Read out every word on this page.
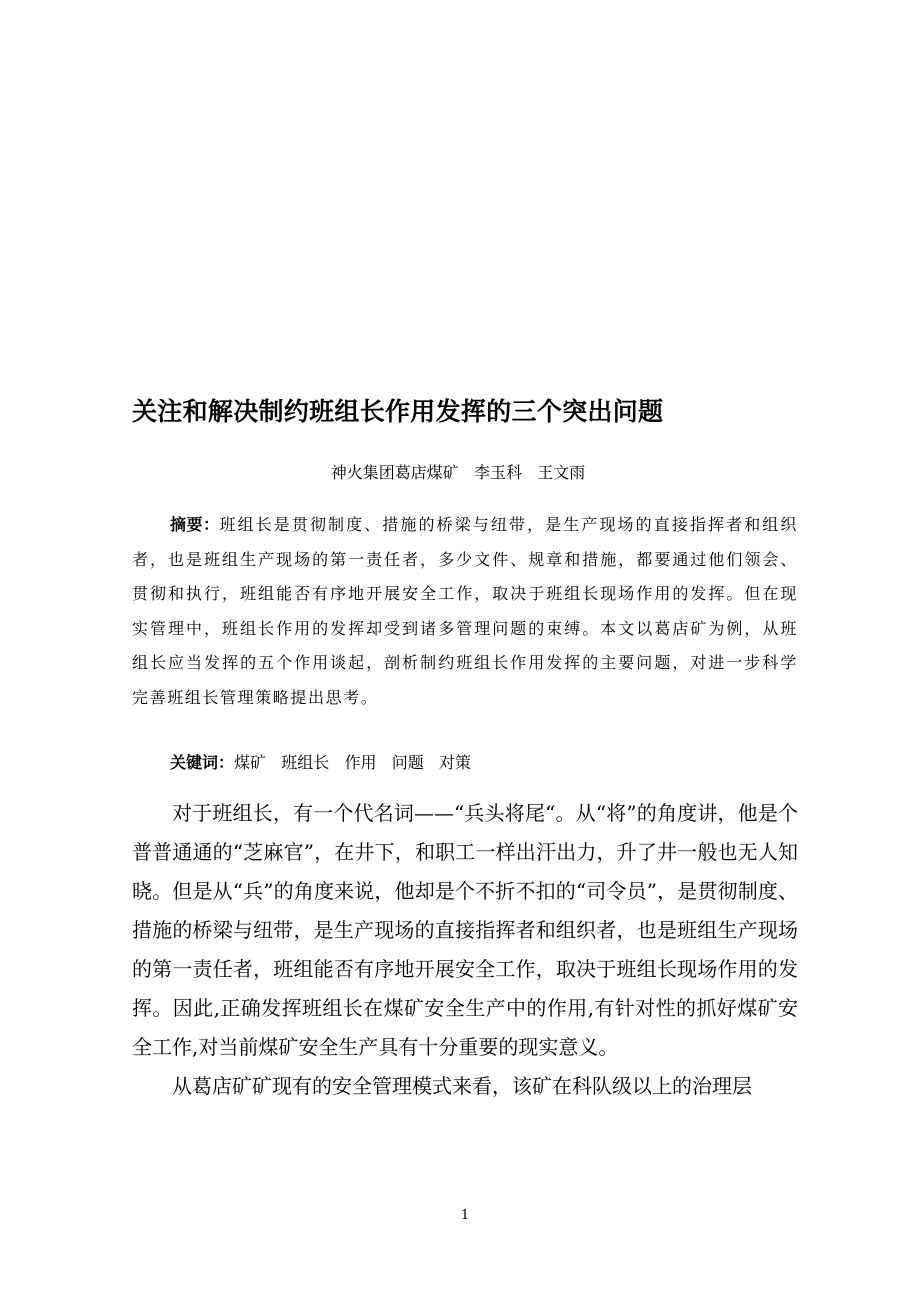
关注和解决制约班组长作用发挥的三个突出问题
神火集团葛店煤矿   李玉科   王文雨
摘要：班组长是贯彻制度、措施的桥梁与纽带，是生产现场的直接指挥者和组织者，也是班组生产现场的第一责任者，多少文件、规章和措施，都要通过他们领会、贯彻和执行，班组能否有序地开展安全工作，取决于班组长现场作用的发挥。但在现实管理中，班组长作用的发挥却受到诸多管理问题的束缚。本文以葛店矿为例，从班组长应当发挥的五个作用谈起，剖析制约班组长作用发挥的主要问题，对进一步科学完善班组长管理策略提出思考。
关键词：煤矿   班组长   作用   问题   对策

对于班组长，有一个代名词——“兵头将尾“。从“将”的角度讲，他是个普普通通的“芝麻官”，在井下，和职工一样出汗出力，升了井一般也无人知晓。但是从“兵”的角度来说，他却是个不折不扣的“司令员”，是贯彻制度、措施的桥梁与纽带，是生产现场的直接指挥者和组织者，也是班组生产现场的第一责任者，班组能否有序地开展安全工作，取决于班组长现场作用的发挥。因此,正确发挥班组长在煤矿安全生产中的作用,有针对性的抓好煤矿安全工作,对当前煤矿安全生产具有十分重要的现实意义。

从葛店矿矿现有的安全管理模式来看，该矿在科队级以上的治理层

1
